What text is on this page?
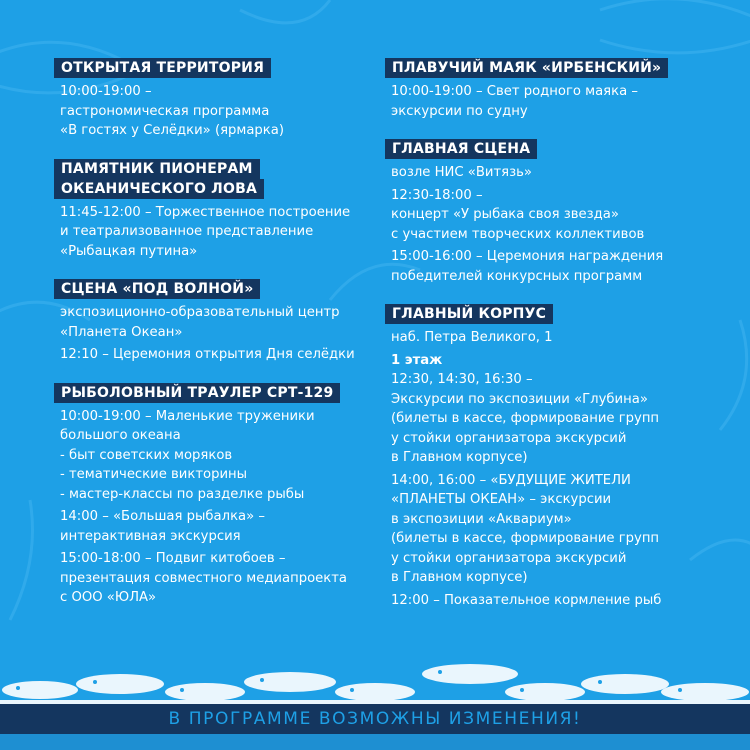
ОТКРЫТАЯ ТЕРРИТОРИЯ
10:00-19:00 –
гастрономическая программа
«В гостях у Селёдки» (ярмарка)
ПАМЯТНИК ПИОНЕРАМ
ОКЕАНИЧЕСКОГО ЛОВА
11:45-12:00 – Торжественное построение
и театрализованное представление
«Рыбацкая путина»
СЦЕНА «ПОД ВОЛНОЙ»
экспозиционно-образовательный центр
«Планета Океан»
12:10 – Церемония открытия Дня селёдки
РЫБОЛОВНЫЙ ТРАУЛЕР СРТ-129
10:00-19:00 – Маленькие труженики
большого океана
- быт советских моряков
- тематические викторины
- мастер-классы по разделке рыбы
14:00 – «Большая рыбалка» –
интерактивная экскурсия
15:00-18:00 – Подвиг китобоев –
презентация совместного медиапроекта
с ООО «ЮЛА»
ПЛАВУЧИЙ МАЯК «ИРБЕНСКИЙ»
10:00-19:00 – Свет родного маяка –
экскурсии по судну
ГЛАВНАЯ СЦЕНА
возле НИС «Витязь»
12:30-18:00 –
концерт «У рыбака своя звезда»
с участием творческих коллективов
15:00-16:00 – Церемония награждения
победителей конкурсных программ
ГЛАВНЫЙ КОРПУС
наб. Петра Великого, 1
1 этаж
12:30, 14:30, 16:30 –
Экскурсии по экспозиции «Глубина»
(билеты в кассе, формирование групп
у стойки организатора экскурсий
в Главном корпусе)
14:00, 16:00 – «БУДУЩИЕ ЖИТЕЛИ
«ПЛАНЕТЫ ОКЕАН» – экскурсии
в экспозиции «Аквариум»
(билеты в кассе, формирование групп
у стойки организатора экскурсий
в Главном корпусе)
12:00 – Показательное кормление рыб
В ПРОГРАММЕ ВОЗМОЖНЫ ИЗМЕНЕНИЯ!
